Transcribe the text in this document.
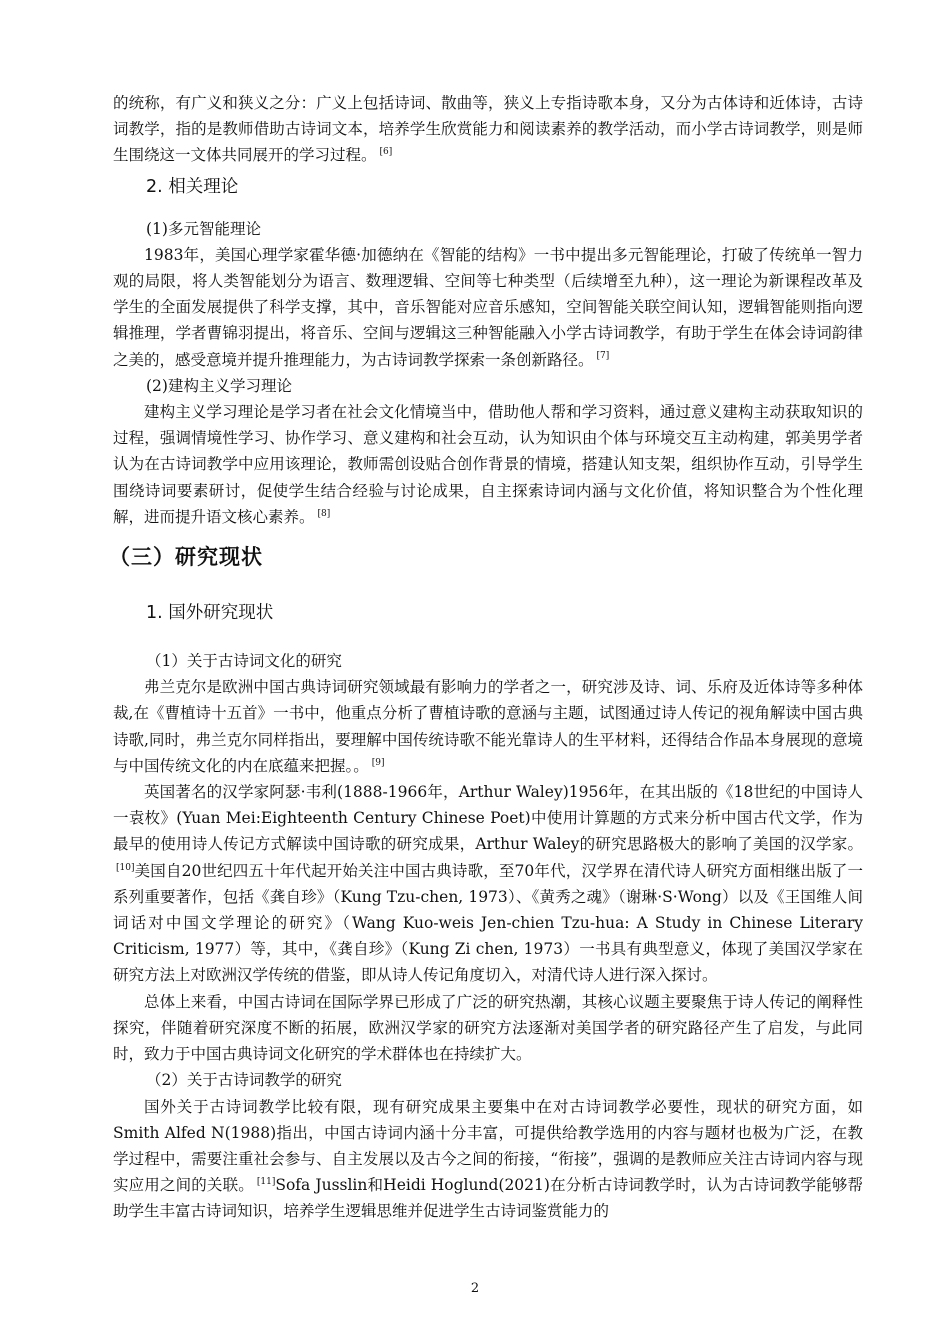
的统称，有广义和狭义之分：广义上包括诗词、散曲等，狭义上专指诗歌本身，又分为古体诗和近体诗，古诗词教学，指的是教师借助古诗词文本，培养学生欣赏能力和阅读素养的教学活动，而小学古诗词教学，则是师生围绕这一文体共同展开的学习过程。 [6]

2. 相关理论

(1)多元智能理论

1983年，美国心理学家霍华德·加德纳在《智能的结构》一书中提出多元智能理论，打破了传统单一智力观的局限，将人类智能划分为语言、数理逻辑、空间等七种类型（后续增至九种），这一理论为新课程改革及学生的全面发展提供了科学支撑，其中，音乐智能对应音乐感知，空间智能关联空间认知，逻辑智能则指向逻辑推理，学者曹锦羽提出，将音乐、空间与逻辑这三种智能融入小学古诗词教学，有助于学生在体会诗词韵律之美的，感受意境并提升推理能力，为古诗词教学探索一条创新路径。 [7]

(2)建构主义学习理论

建构主义学习理论是学习者在社会文化情境当中，借助他人帮和学习资料，通过意义建构主动获取知识的过程，强调情境性学习、协作学习、意义建构和社会互动，认为知识由个体与环境交互主动构建，郭美男学者认为在古诗词教学中应用该理论，教师需创设贴合创作背景的情境，搭建认知支架，组织协作互动，引导学生围绕诗词要素研讨，促使学生结合经验与讨论成果，自主探索诗词内涵与文化价值，将知识整合为个性化理解，进而提升语文核心素养。 [8]

（三）研究现状
1. 国外研究现状

（1）关于古诗词文化的研究

弗兰克尔是欧洲中国古典诗词研究领域最有影响力的学者之一，研究涉及诗、词、乐府及近体诗等多种体裁,在《曹植诗十五首》一书中，他重点分析了曹植诗歌的意涵与主题，试图通过诗人传记的视角解读中国古典诗歌,同时，弗兰克尔同样指出，要理解中国传统诗歌不能光靠诗人的生平材料，还得结合作品本身展现的意境与中国传统文化的内在底蕴来把握。。 [9]

英国著名的汉学家阿瑟·韦利(1888-1966年，Arthur Waley)1956年，在其出版的《18世纪的中国诗人一袁枚》(Yuan Mei:Eighteenth Century Chinese Poet)中使用计算题的方式来分析中国古代文学，作为最早的使用诗人传记方式解读中国诗歌的研究成果，Arthur Waley的研究思路极大的影响了美国的汉学家。[10]美国自20世纪四五十年代起开始关注中国古典诗歌，至70年代，汉学界在清代诗人研究方面相继出版了一系列重要著作，包括《龚自珍》（Kung Tzu-chen, 1973）、《黄秀之魂》（谢琳·S·Wong）以及《王国维人间词话对中国文学理论的研究》（Wang Kuo-weis Jen-chien Tzu-hua: A Study in Chinese Literary Criticism, 1977）等，其中，《龚自珍》（Kung Zi chen, 1973）一书具有典型意义，体现了美国汉学家在研究方法上对欧洲汉学传统的借鉴，即从诗人传记角度切入，对清代诗人进行深入探讨。

总体上来看，中国古诗词在国际学界已形成了广泛的研究热潮，其核心议题主要聚焦于诗人传记的阐释性探究，伴随着研究深度不断的拓展，欧洲汉学家的研究方法逐渐对美国学者的研究路径产生了启发，与此同时，致力于中国古典诗词文化研究的学术群体也在持续扩大。

（2）关于古诗词教学的研究

国外关于古诗词教学比较有限，现有研究成果主要集中在对古诗词教学必要性，现状的研究方面，如Smith Alfed N(1988)指出，中国古诗词内涵十分丰富，可提供给教学选用的内容与题材也极为广泛，在教学过程中，需要注重社会参与、自主发展以及古今之间的衔接，“衔接”，强调的是教师应关注古诗词内容与现实应用之间的关联。 [11]Sofa Jusslin和Heidi Hoglund(2021)在分析古诗词教学时，认为古诗词教学能够帮助学生丰富古诗词知识，培养学生逻辑思维并促进学生古诗词鉴赏能力的

2
